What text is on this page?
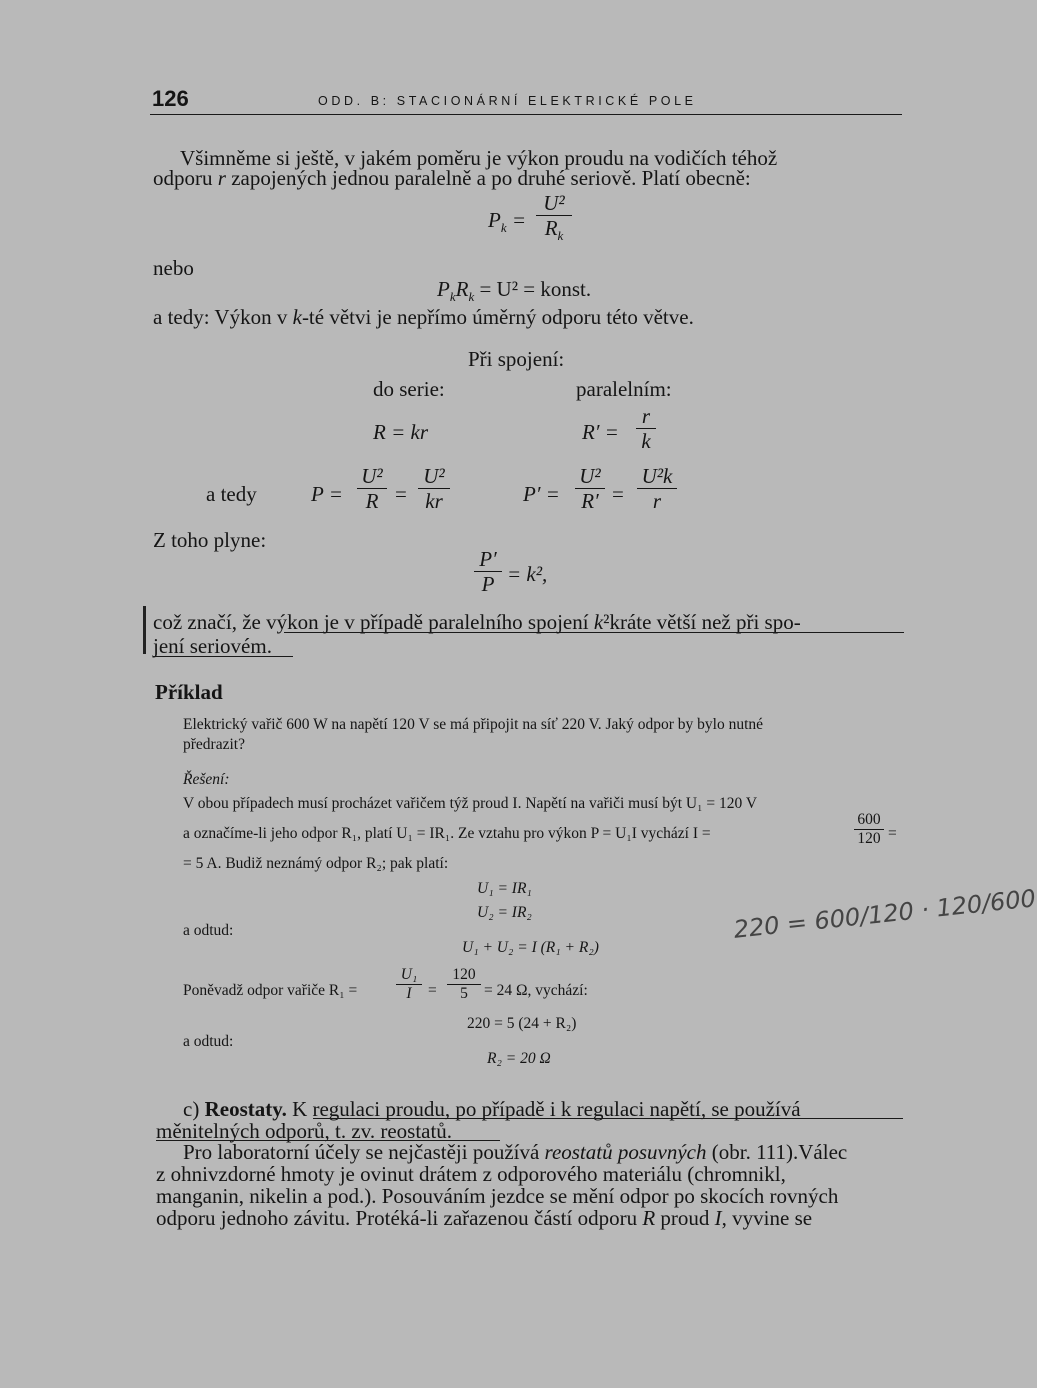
126	ODD. B: STACIONÁRNÍ ELEKTRICKÉ POLE
Všimněme si ještě, v jakém poměru je výkon proudu na vodičích téhož
odporu r zapojených jednou paralelně a po druhé seriově. Platí obecně:
$P_k$ =
U²
$R_k$
nebo
$P_kR_k = U^2$ = konst.
a tedy: Výkon v k-té větvi je nepřímo úměrný odporu této větve.
Při spojení:
do serie:	paralelním:
R = kr	R′ =
r
k
a tedy	P =
U²
R =
U²
kr	P′ =
U²
R′ =
U²k
r
Z toho plyne:
P′
P = k²,
což značí, že výkon je v případě paralelního spojení k²kráte větší než při spo-
jení seriovém.
Příklad
Elektrický vařič 600 W na napětí 120 V se má připojit na síť 220 V. Jaký odpor by bylo nutné
předrazit?
Řešení:
V obou případech musí procházet vařičem týž proud I. Napětí na vařiči musí být U₁ = 120 V
a označíme-li jeho odpor R₁, platí U₁ = IR₁. Ze vztahu pro výkon P = U₁I vychází I =
600
120 =
= 5 A. Budiž neznámý odpor R₂; pak platí:
U₁ = IR₁
U₂ = IR₂
a odtud:
U₁ + U₂ = I (R₁ + R₂)
Poněvadž odpor vařiče R₁ =
U₁
I	=
120
5	= 24 Ω, vychází:
220 = 5 (24 + R₂)
a odtud:
R₂ = 20 Ω
220 = 600/120 · 120/600
c) Reostaty. K regulaci proudu, po případě i k regulaci napětí, se používá
měnitelných odporů, t. zv. reostatů.
Pro laboratorní účely se nejčastěji používá reostatů posuvných (obr. 111).Válec
z ohnivzdorné hmoty je ovinut drátem z odporového materiálu (chromnikl,
manganin, nikelin a pod.). Posouváním jezdce se mění odpor po skocích rovných
odporu jednoho závitu. Protéká-li zařazenou částí odporu R proud I, vyvine se
